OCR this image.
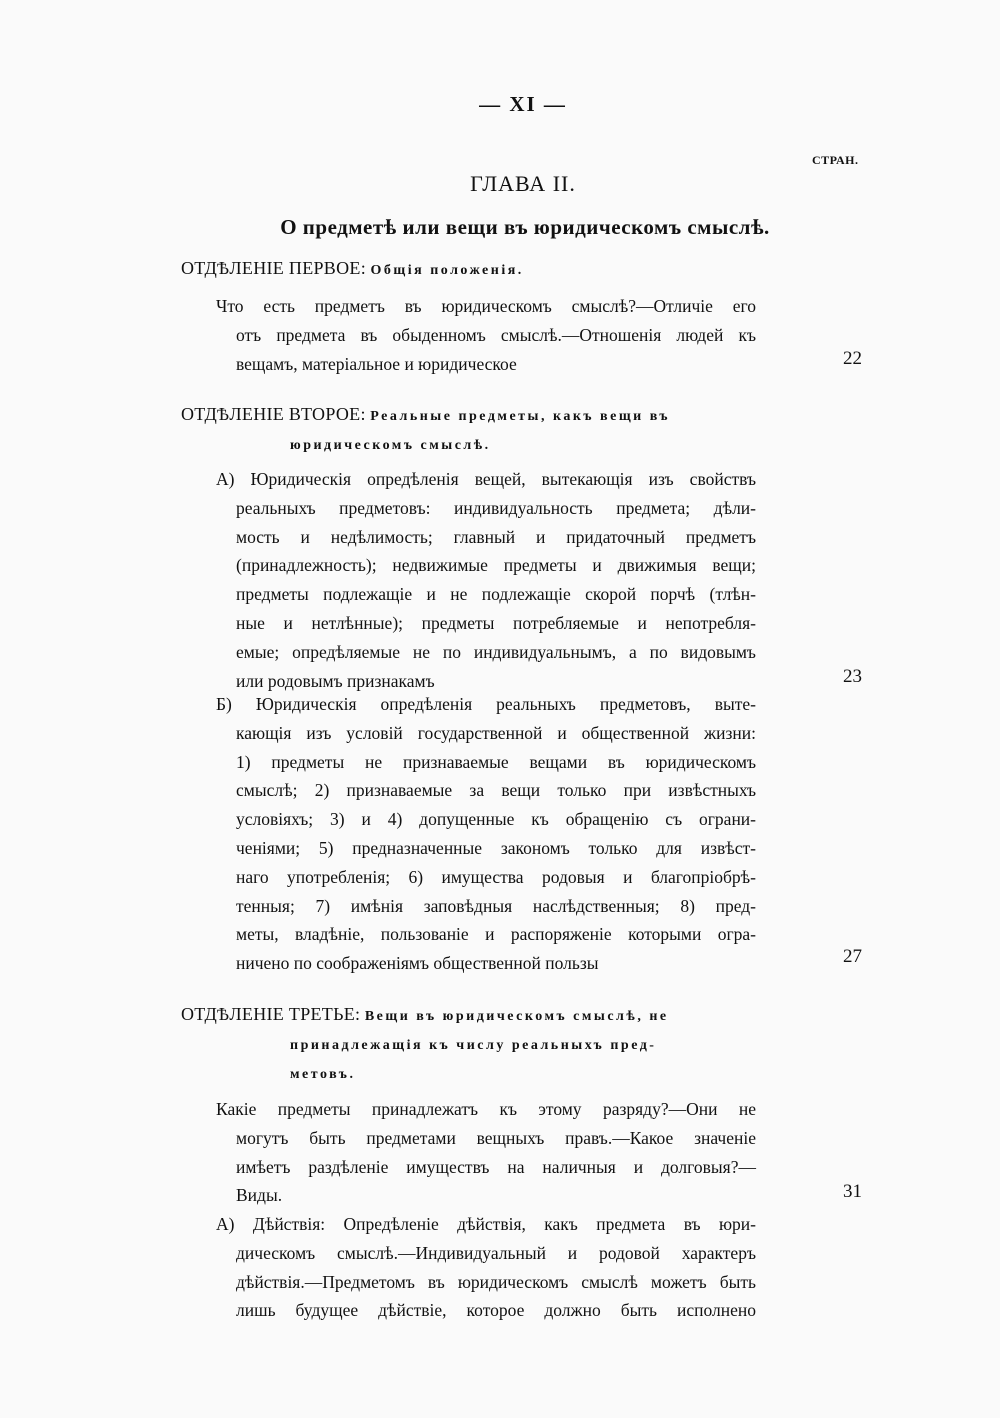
— XI —
СТРАН.
ГЛАВА II.
О предметѣ или вещи въ юридическомъ смыслѣ.
ОТДѢЛЕНІЕ ПЕРВОЕ: Общія положенія.
Что есть предметъ въ юридическомъ смыслѣ?—Отличіе его
отъ предмета въ обыденномъ смыслѣ.—Отношенія людей къ
вещамъ, матеріальное и юридическое	22
ОТДѢЛЕНІЕ ВТОРОЕ: Реальные предметы, какъ вещи въ
юридическомъ смыслѣ.
А) Юридическія опредѣленія вещей, вытекающія изъ свойствъ
реальныхъ предметовъ: индивидуальность предмета; дѣли-
мость и недѣлимость; главный и придаточный предметъ
(принадлежность); недвижимые предметы и движимыя вещи;
предметы подлежащіе и не подлежащіе скорой порчѣ (тлѣн-
ные и нетлѣнные); предметы потребляемые и непотребля-
емые; опредѣляемые не по индивидуальнымъ, а по видовымъ
или родовымъ признакамъ	23
Б) Юридическія опредѣленія реальныхъ предметовъ, выте-
кающія изъ условій государственной и общественной жизни:
1) предметы не признаваемые вещами въ юридическомъ
смыслѣ; 2) признаваемые за вещи только при извѣстныхъ
условіяхъ; 3) и 4) допущенные къ обращенію съ ограни-
ченіями; 5) предназначенные закономъ только для извѣст-
наго употребленія; 6) имущества родовыя и благопріобрѣ-
тенныя; 7) имѣнія заповѣдныя наслѣдственныя; 8) пред-
меты, владѣніе, пользованіе и распоряженіе которыми огра-
ничено по соображеніямъ общественной пользы	27
ОТДѢЛЕНІЕ ТРЕТЬЕ: Вещи въ юридическомъ смыслѣ, не
принадлежащія къ числу реальныхъ пред-
метовъ.
Какіе предметы принадлежатъ къ этому разряду?—Они не
могутъ быть предметами вещныхъ правъ.—Какое значеніе
имѣетъ раздѣленіе имуществъ на наличныя и долговыя?—
Виды.	31
А) Дѣйствія: Опредѣленіе дѣйствія, какъ предмета въ юри-
дическомъ смыслѣ.—Индивидуальный и родовой характеръ
дѣйствія.—Предметомъ въ юридическомъ смыслѣ можетъ быть
лишь будущее дѣйствіе, которое должно быть исполнено
